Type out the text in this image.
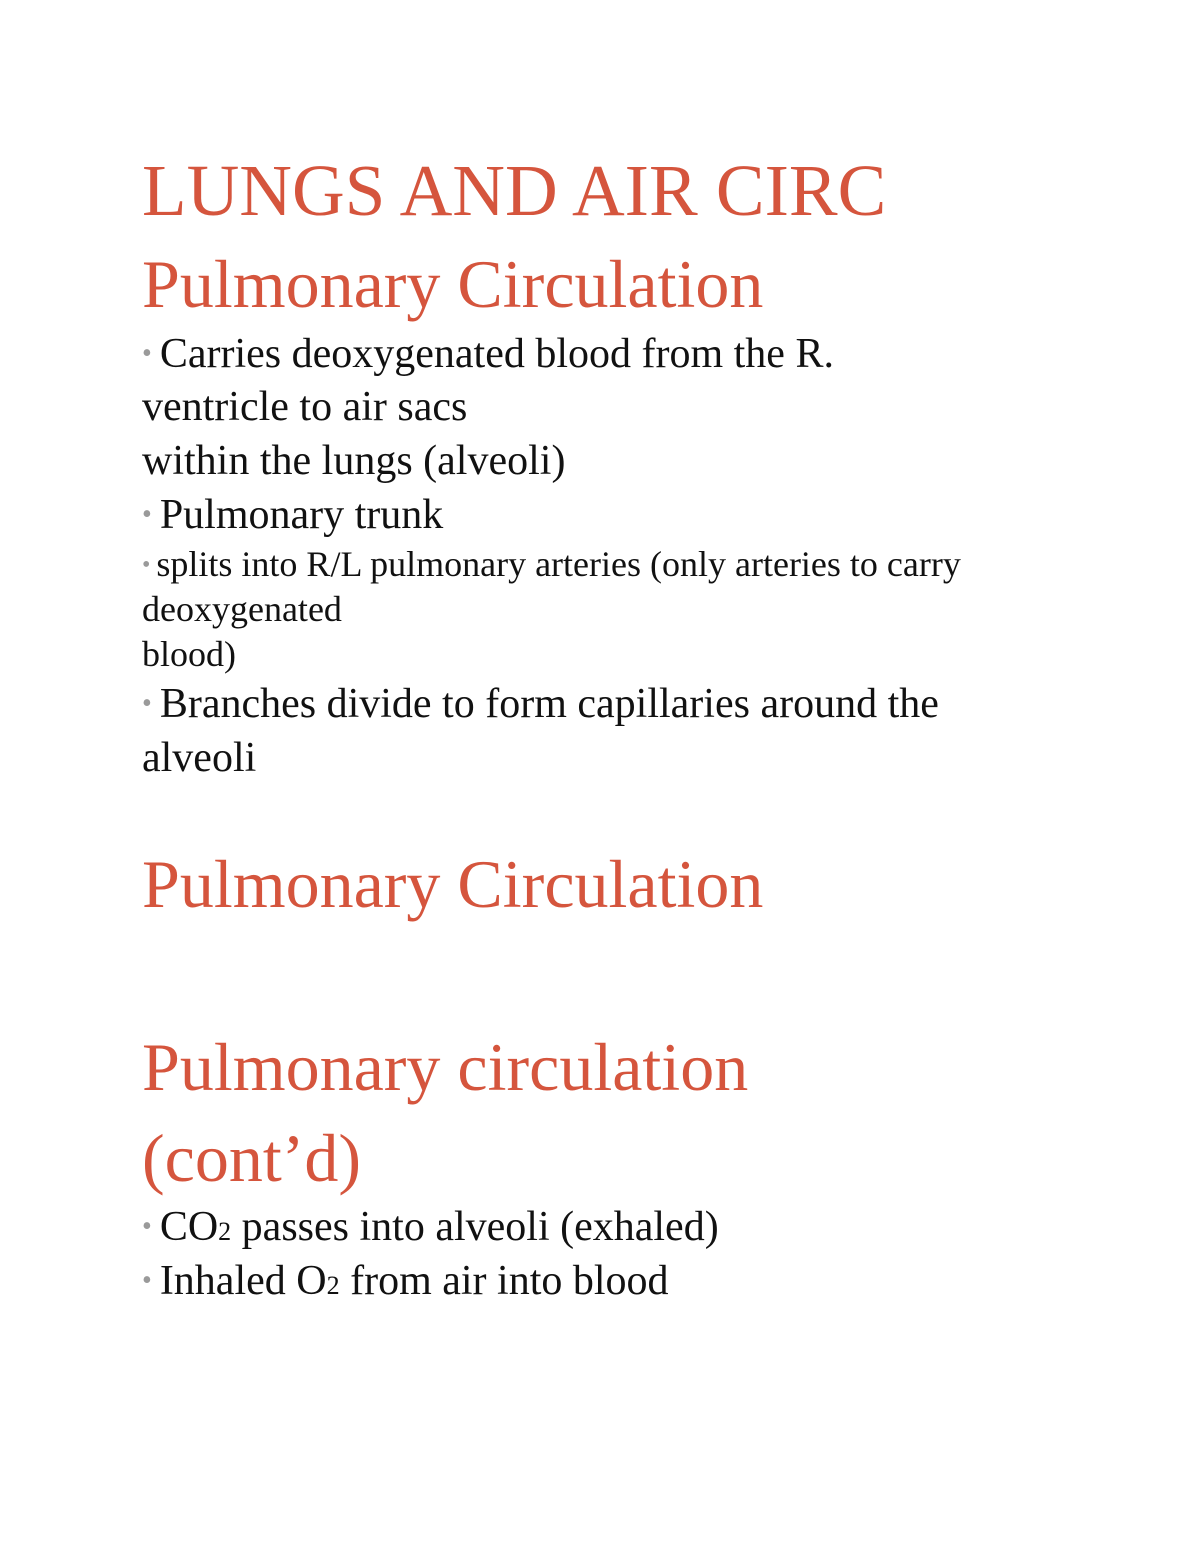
LUNGS AND AIR CIRC
Pulmonary Circulation
• Carries deoxygenated blood from the R.
ventricle to air sacs
within the lungs (alveoli)
• Pulmonary trunk
• splits into R/L pulmonary arteries (only arteries to carry
deoxygenated
blood)
• Branches divide to form capillaries around the
alveoli
Pulmonary Circulation
Pulmonary circulation
(cont’d)
• CO2 passes into alveoli (exhaled)
• Inhaled O2 from air into blood
